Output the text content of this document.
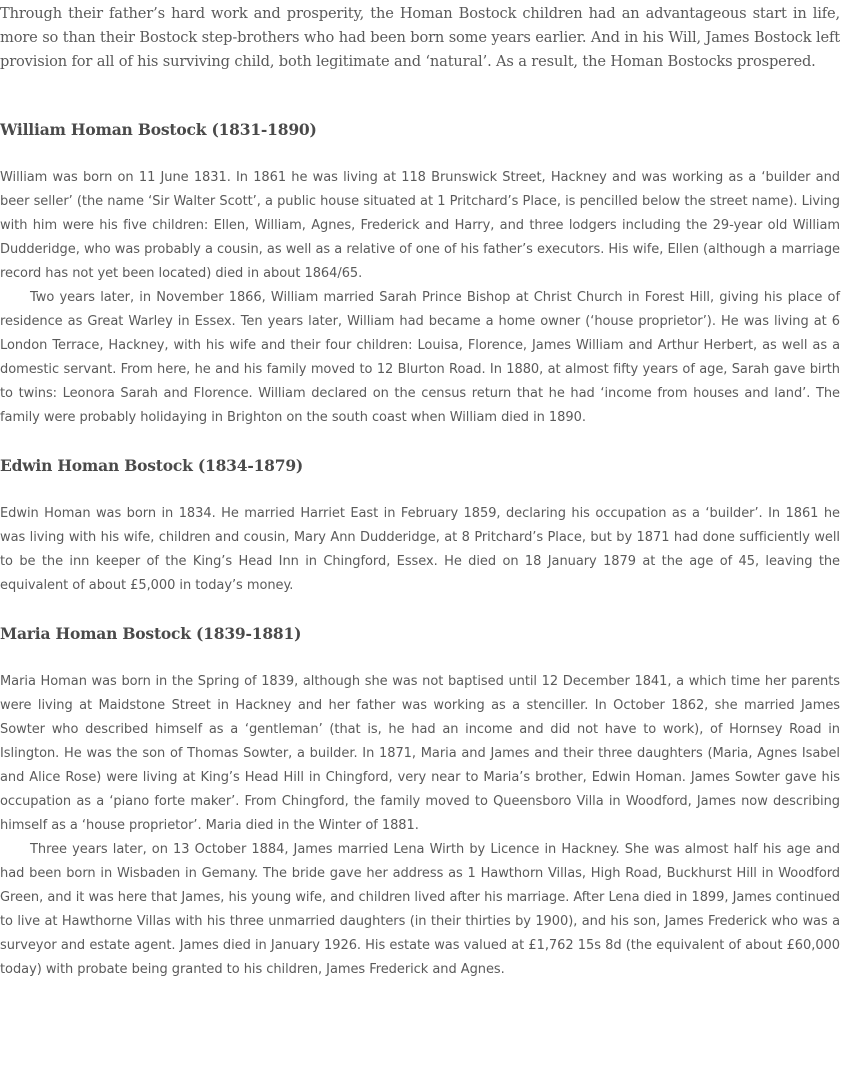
Through their father’s hard work and prosperity, the Homan Bostock children had an advantageous start in life, more so than their Bostock step-brothers who had been born some years earlier. And in his Will, James Bostock left provision for all of his surviving child, both legitimate and ‘natural’. As a result, the Homan Bostocks prospered.

William Homan Bostock (1831-1890)

William was born on 11 June 1831. In 1861 he was living at 118 Brunswick Street, Hackney and was working as a ‘builder and beer seller’ (the name ‘Sir Walter Scott’, a public house situated at 1 Pritchard’s Place, is pencilled below the street name). Living with him were his five children: Ellen, William, Agnes, Frederick and Harry, and three lodgers including the 29-year old William Dudderidge, who was probably a cousin, as well as a relative of one of his father’s executors. His wife, Ellen (although a marriage record has not yet been located) died in about 1864/65.

Two years later, in November 1866, William married Sarah Prince Bishop at Christ Church in Forest Hill, giving his place of residence as Great Warley in Essex. Ten years later, William had became a home owner (‘house proprietor’). He was living at 6 London Terrace, Hackney, with his wife and their four children: Louisa, Florence, James William and Arthur Herbert, as well as a domestic servant. From here, he and his family moved to 12 Blurton Road. In 1880, at almost fifty years of age, Sarah gave birth to twins: Leonora Sarah and Florence. William declared on the census return that he had ‘income from houses and land’. The family were probably holidaying in Brighton on the south coast when William died in 1890.

Edwin Homan Bostock (1834-1879)

Edwin Homan was born in 1834. He married Harriet East in February 1859, declaring his occupation as a ‘builder’. In 1861 he was living with his wife, children and cousin, Mary Ann Dudderidge, at 8 Pritchard’s Place, but by 1871 had done sufficiently well to be the inn keeper of the King’s Head Inn in Chingford, Essex. He died on 18 January 1879 at the age of 45, leaving the equivalent of about £5,000 in today’s money.

Maria Homan Bostock (1839-1881)

Maria Homan was born in the Spring of 1839, although she was not baptised until 12 December 1841, a which time her parents were living at Maidstone Street in Hackney and her father was working as a stenciller. In October 1862, she married James Sowter who described himself as a ‘gentleman’ (that is, he had an income and did not have to work), of Hornsey Road in Islington. He was the son of Thomas Sowter, a builder. In 1871, Maria and James and their three daughters (Maria, Agnes Isabel and Alice Rose) were living at King’s Head Hill in Chingford, very near to Maria’s brother, Edwin Homan. James Sowter gave his occupation as a ‘piano forte maker’. From Chingford, the family moved to Queensboro Villa in Woodford, James now describing himself as a ‘house proprietor’. Maria died in the Winter of 1881.

Three years later, on 13 October 1884, James married Lena Wirth by Licence in Hackney. She was almost half his age and had been born in Wisbaden in Gemany. The bride gave her address as 1 Hawthorn Villas, High Road, Buckhurst Hill in Woodford Green, and it was here that James, his young wife, and children lived after his marriage. After Lena died in 1899, James continued to live at Hawthorne Villas with his three unmarried daughters (in their thirties by 1900), and his son, James Frederick who was a surveyor and estate agent. James died in January 1926. His estate was valued at £1,762 15s 8d (the equivalent of about £60,000 today) with probate being granted to his children, James Frederick and Agnes.
